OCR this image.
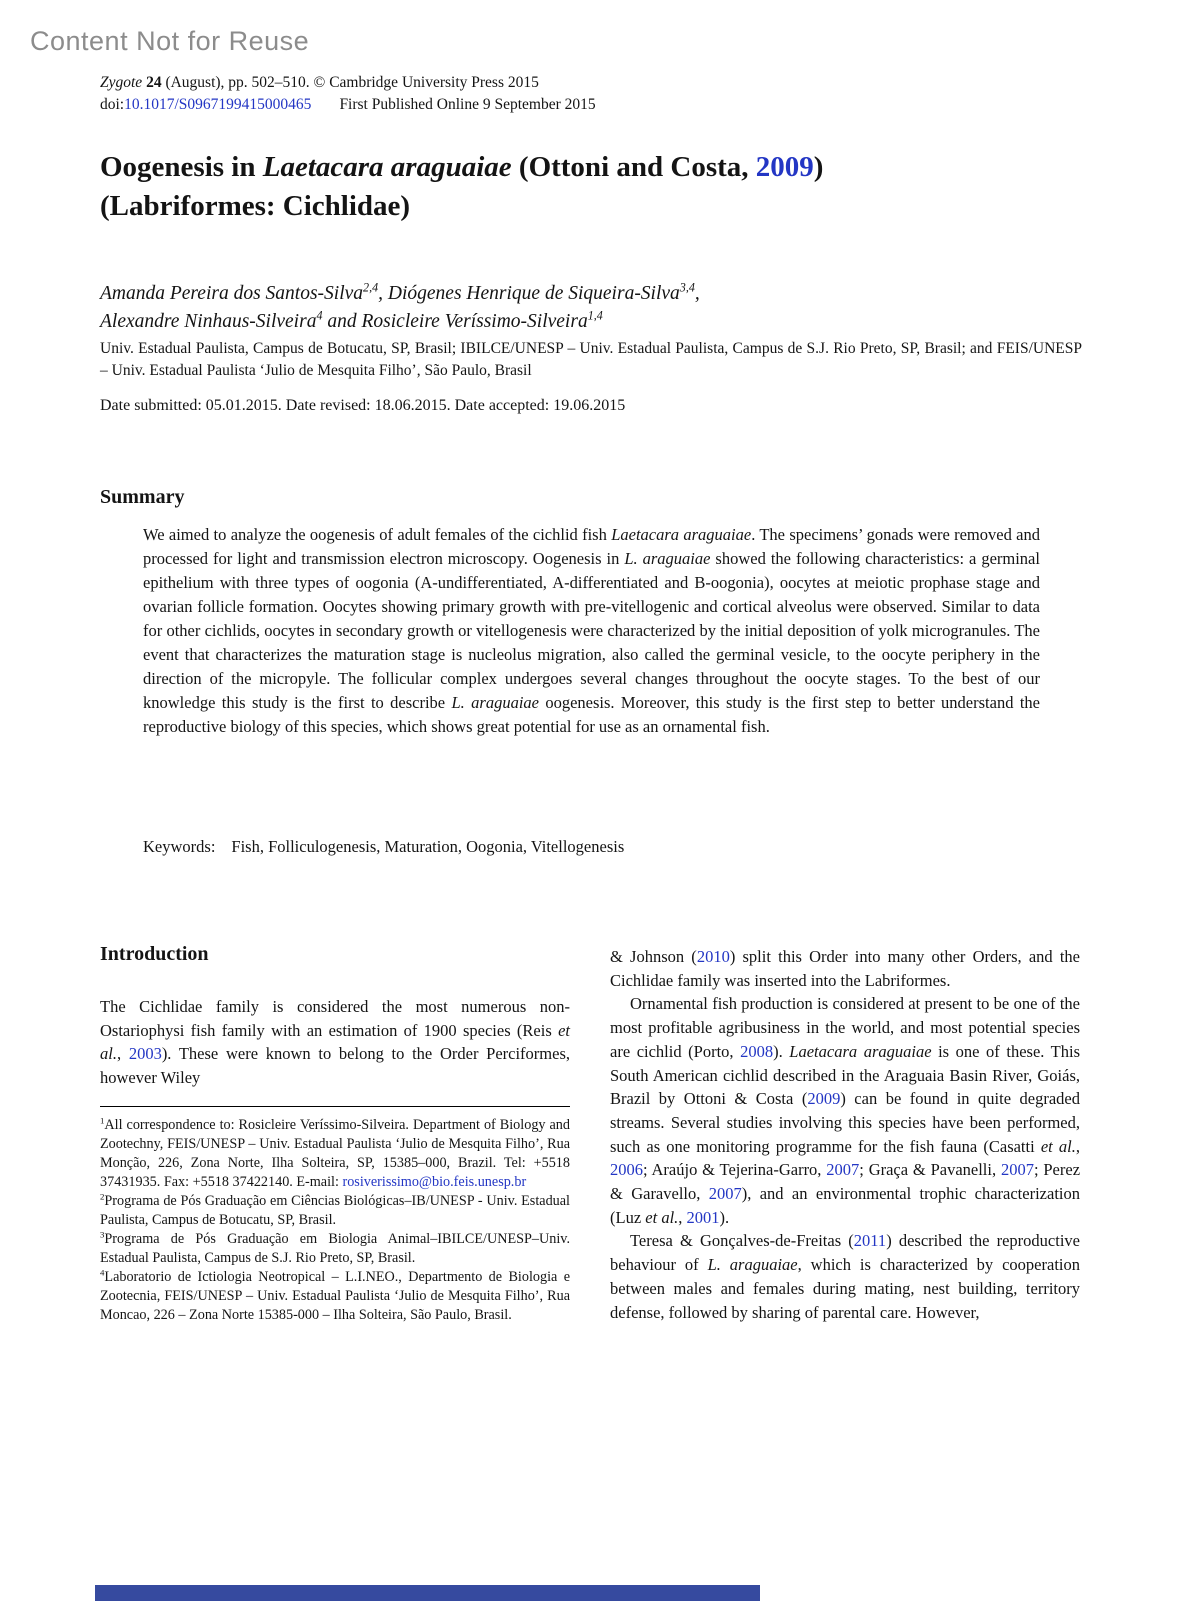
Content Not for Reuse
Zygote 24 (August), pp. 502–510. © Cambridge University Press 2015
doi:10.1017/S0967199415000465 First Published Online 9 September 2015
Oogenesis in Laetacara araguaiae (Ottoni and Costa, 2009)
(Labriformes: Cichlidae)
Amanda Pereira dos Santos-Silva$^{2,4}$, Diógenes Henrique de Siqueira-Silva$^{3,4}$,
Alexandre Ninhaus-Silveira$^4$ and Rosicleire Veríssimo-Silveira$^{1,4}$
Univ. Estadual Paulista, Campus de Botucatu, SP, Brasil; IBILCE/UNESP – Univ. Estadual Paulista, Campus de S.J. Rio Preto, SP, Brasil; and FEIS/UNESP – Univ. Estadual Paulista ‘Julio de Mesquita Filho’, São Paulo, Brasil
Date submitted: 05.01.2015. Date revised: 18.06.2015. Date accepted: 19.06.2015
Summary
We aimed to analyze the oogenesis of adult females of the cichlid fish Laetacara araguaiae. The specimens’ gonads were removed and processed for light and transmission electron microscopy. Oogenesis in L. araguaiae showed the following characteristics: a germinal epithelium with three types of oogonia (A-undifferentiated, A-differentiated and B-oogonia), oocytes at meiotic prophase stage and ovarian follicle formation. Oocytes showing primary growth with pre-vitellogenic and cortical alveolus were observed. Similar to data for other cichlids, oocytes in secondary growth or vitellogenesis were characterized by the initial deposition of yolk microgranules. The event that characterizes the maturation stage is nucleolus migration, also called the germinal vesicle, to the oocyte periphery in the direction of the micropyle. The follicular complex undergoes several changes throughout the oocyte stages. To the best of our knowledge this study is the first to describe L. araguaiae oogenesis. Moreover, this study is the first step to better understand the reproductive biology of this species, which shows great potential for use as an ornamental fish.
Keywords: Fish, Folliculogenesis, Maturation, Oogonia, Vitellogenesis
Introduction

The Cichlidae family is considered the most numerous non-Ostariophysi fish family with an estimation of 1900 species (Reis et al., 2003). These were known to belong to the Order Perciformes, however Wiley

$^1$All correspondence to: Rosicleire Veríssimo-Silveira. Department of Biology and Zootechny, FEIS/UNESP – Univ. Estadual Paulista ‘Julio de Mesquita Filho’, Rua Monção, 226, Zona Norte, Ilha Solteira, SP, 15385–000, Brazil. Tel: +5518 37431935. Fax: +5518 37422140. E-mail: rosiverissimo@bio.feis.unesp.br

$^2$Programa de Pós Graduação em Ciências Biológicas–IB/UNESP - Univ. Estadual Paulista, Campus de Botucatu, SP, Brasil.

$^3$Programa de Pós Graduação em Biologia Animal–IBILCE/UNESP–Univ. Estadual Paulista, Campus de S.J. Rio Preto, SP, Brasil.

$^4$Laboratorio de Ictiologia Neotropical – L.I.NEO., Departmento de Biologia e Zootecnia, FEIS/UNESP – Univ. Estadual Paulista ‘Julio de Mesquita Filho’, Rua Moncao, 226 – Zona Norte 15385-000 – Ilha Solteira, São Paulo, Brasil.

& Johnson (2010) split this Order into many other Orders, and the Cichlidae family was inserted into the Labriformes.

Ornamental fish production is considered at present to be one of the most profitable agribusiness in the world, and most potential species are cichlid (Porto, 2008). Laetacara araguaiae is one of these. This South American cichlid described in the Araguaia Basin River, Goiás, Brazil by Ottoni & Costa (2009) can be found in quite degraded streams. Several studies involving this species have been performed, such as one monitoring programme for the fish fauna (Casatti et al., 2006; Araújo & Tejerina-Garro, 2007; Graça & Pavanelli, 2007; Perez & Garavello, 2007), and an environmental trophic characterization (Luz et al., 2001).

Teresa & Gonçalves-de-Freitas (2011) described the reproductive behaviour of L. araguaiae, which is characterized by cooperation between males and females during mating, nest building, territory defense, followed by sharing of parental care. However,
